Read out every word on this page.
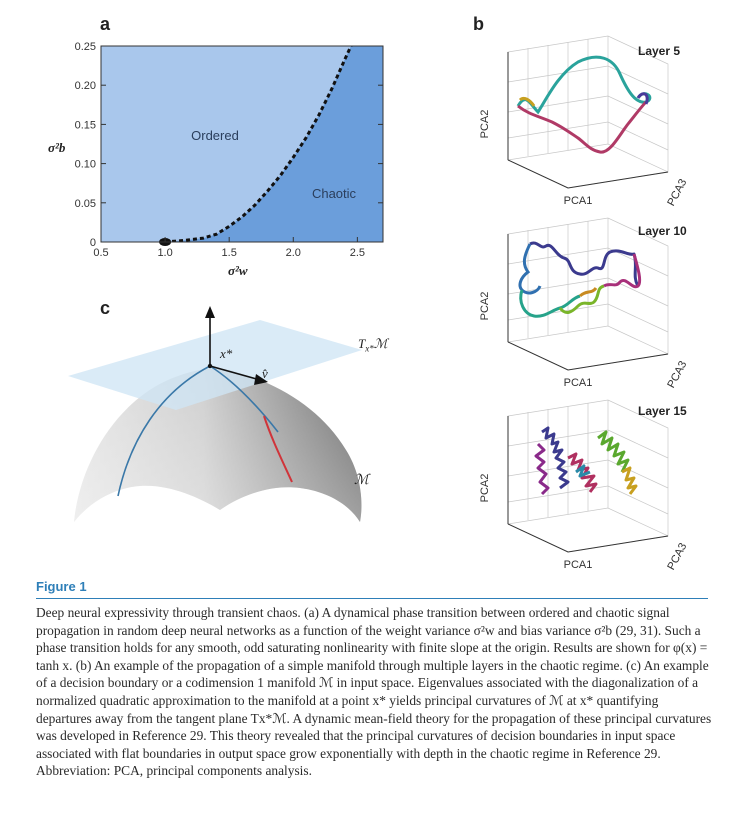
a
0.5	1.0	1.5	2.0	2.5
0
0.05
0.10
0.15
0.20
0.25
Ordered
Chaotic
σ²b
σ²w
b
PCA1
PCA2
PCA3
Layer 5
PCA1
PCA2
PCA3
Layer 10
PCA1
PCA2
PCA3
Layer 15
c
x*
v̂
$T_{x*}ℳ$
ℳ
Figure 1
Deep neural expressivity through transient chaos. (a) A dynamical phase transition between ordered and chaotic signal propagation in random deep neural networks as a function of the weight variance σ²w and bias variance σ²b (29, 31). Such a phase transition holds for any smooth, odd saturating nonlinearity with finite slope at the origin. Results are shown for φ(x) = tanh x. (b) An example of the propagation of a simple manifold through multiple layers in the chaotic regime. (c) An example of a decision boundary or a codimension 1 manifold ℳ in input space. Eigenvalues associated with the diagonalization of a normalized quadratic approximation to the manifold at a point x* yields principal curvatures of ℳ at x* quantifying departures away from the tangent plane Tx*ℳ. A dynamic mean-field theory for the propagation of these principal curvatures was developed in Reference 29. This theory revealed that the principal curvatures of decision boundaries in input space associated with flat boundaries in output space grow exponentially with depth in the chaotic regime in Reference 29. Abbreviation: PCA, principal components analysis.
